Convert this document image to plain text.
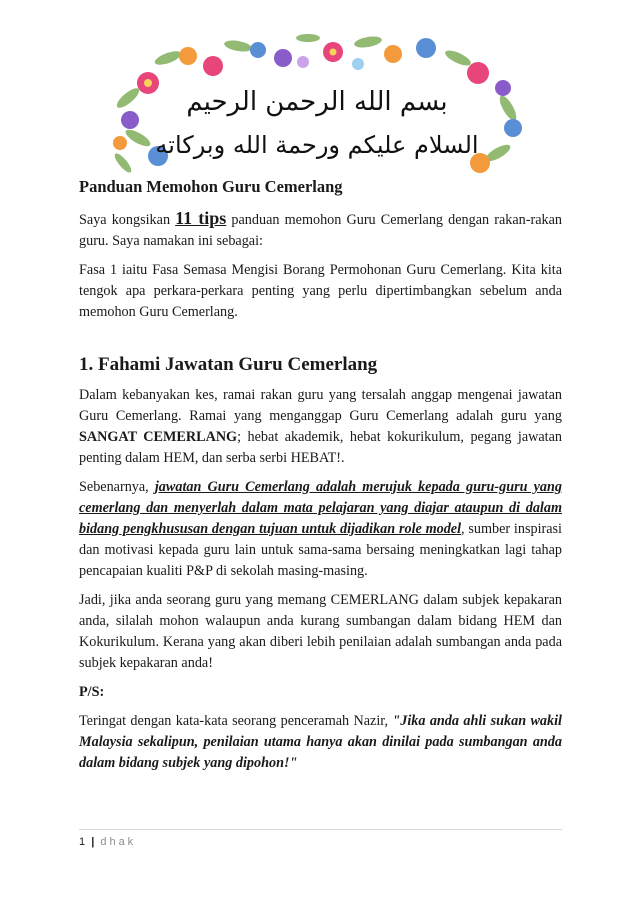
بسم الله الرحمن الرحيم
السلام عليكم ورحمة الله وبركاته
Panduan Memohon Guru Cemerlang

Saya kongsikan 11 tips panduan memohon Guru Cemerlang dengan rakan-rakan guru. Saya namakan ini sebagai:

Fasa 1 iaitu Fasa Semasa Mengisi Borang Permohonan Guru Cemerlang. Kita kita tengok apa perkara-perkara penting yang perlu dipertimbangkan sebelum anda memohon Guru Cemerlang.

1. Fahami Jawatan Guru Cemerlang

Dalam kebanyakan kes, ramai rakan guru yang tersalah anggap mengenai jawatan Guru Cemerlang. Ramai yang menganggap Guru Cemerlang adalah guru yang SANGAT CEMERLANG; hebat akademik, hebat kokurikulum, pegang jawatan penting dalam HEM, dan serba serbi HEBAT!.

Sebenarnya, jawatan Guru Cemerlang adalah merujuk kepada guru-guru yang cemerlang dan menyerlah dalam mata pelajaran yang diajar ataupun di dalam bidang pengkhususan dengan tujuan untuk dijadikan role model, sumber inspirasi dan motivasi kepada guru lain untuk sama-sama bersaing meningkatkan lagi tahap pencapaian kualiti P&P di sekolah masing-masing.

Jadi, jika anda seorang guru yang memang CEMERLANG dalam subjek kepakaran anda, silalah mohon walaupun anda kurang sumbangan dalam bidang HEM dan Kokurikulum. Kerana yang akan diberi lebih penilaian adalah sumbangan anda pada subjek kepakaran anda!

P/S:

Teringat dengan kata-kata seorang penceramah Nazir, "Jika anda ahli sukan wakil Malaysia sekalipun, penilaian utama hanya akan dinilai pada sumbangan anda dalam bidang subjek yang dipohon!"

1 | dhak
